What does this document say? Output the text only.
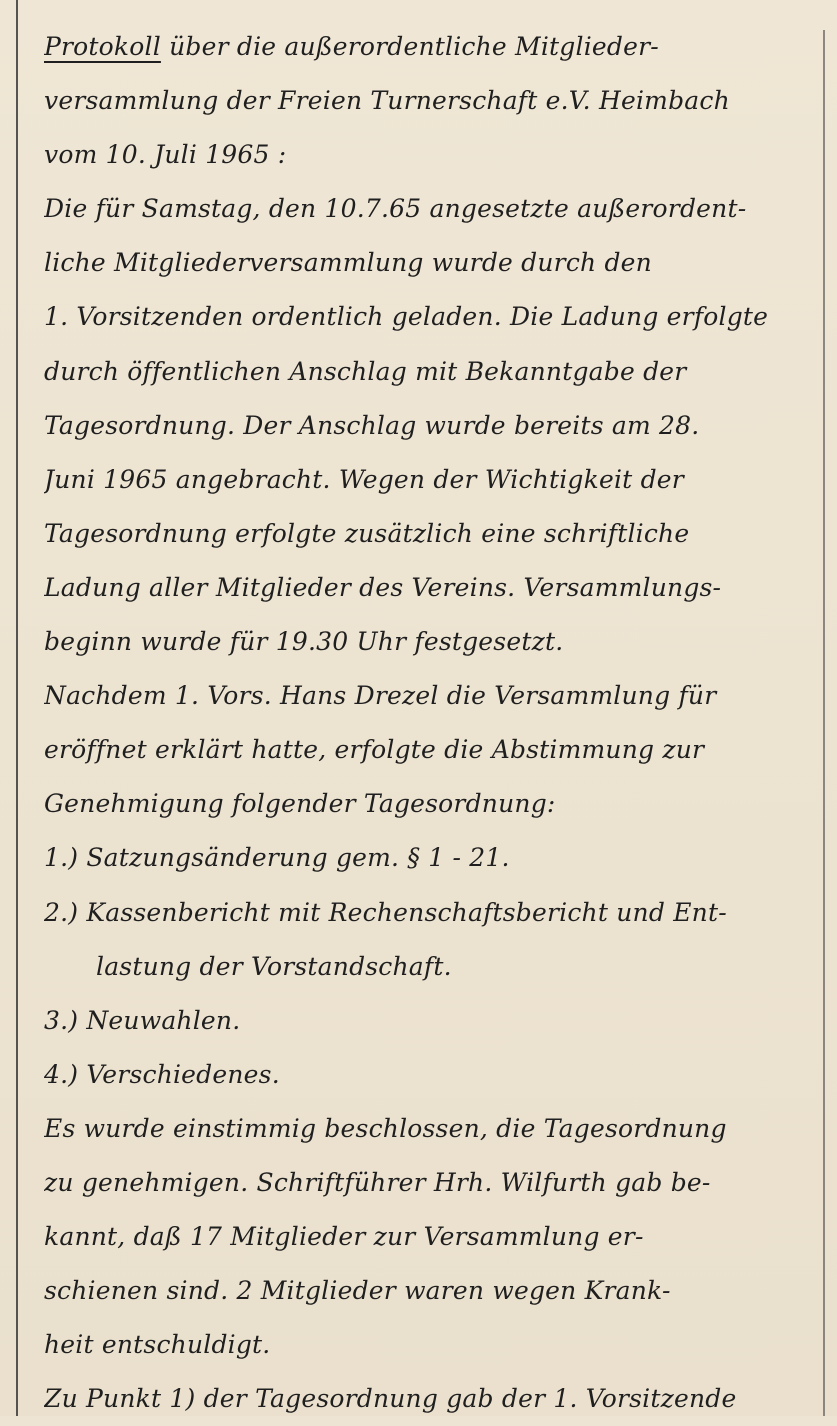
Protokoll über die außerordentliche Mitglieder-
versammlung der Freien Turnerschaft e.V. Heimbach
vom 10. Juli 1965 :
Die für Samstag, den 10.7.65 angesetzte außerordent-
liche Mitgliederversammlung wurde durch den
1. Vorsitzenden ordentlich geladen. Die Ladung erfolgte
durch öffentlichen Anschlag mit Bekanntgabe der
Tagesordnung. Der Anschlag wurde bereits am 28.
Juni 1965 angebracht. Wegen der Wichtigkeit der
Tagesordnung erfolgte zusätzlich eine schriftliche
Ladung aller Mitglieder des Vereins. Versammlungs-
beginn wurde für 19.30 Uhr festgesetzt.
Nachdem 1. Vors. Hans Drezel die Versammlung für
eröffnet erklärt hatte, erfolgte die Abstimmung zur
Genehmigung folgender Tagesordnung:
1.) Satzungsänderung gem. § 1 - 21.
2.) Kassenbericht mit Rechenschaftsbericht und Ent-
lastung der Vorstandschaft.
3.) Neuwahlen.
4.) Verschiedenes.
Es wurde einstimmig beschlossen, die Tagesordnung
zu genehmigen. Schriftführer Hrh. Wilfurth gab be-
kannt, daß 17 Mitglieder zur Versammlung er-
schienen sind. 2 Mitglieder waren wegen Krank-
heit entschuldigt.
Zu Punkt 1) der Tagesordnung gab der 1. Vorsitzende
